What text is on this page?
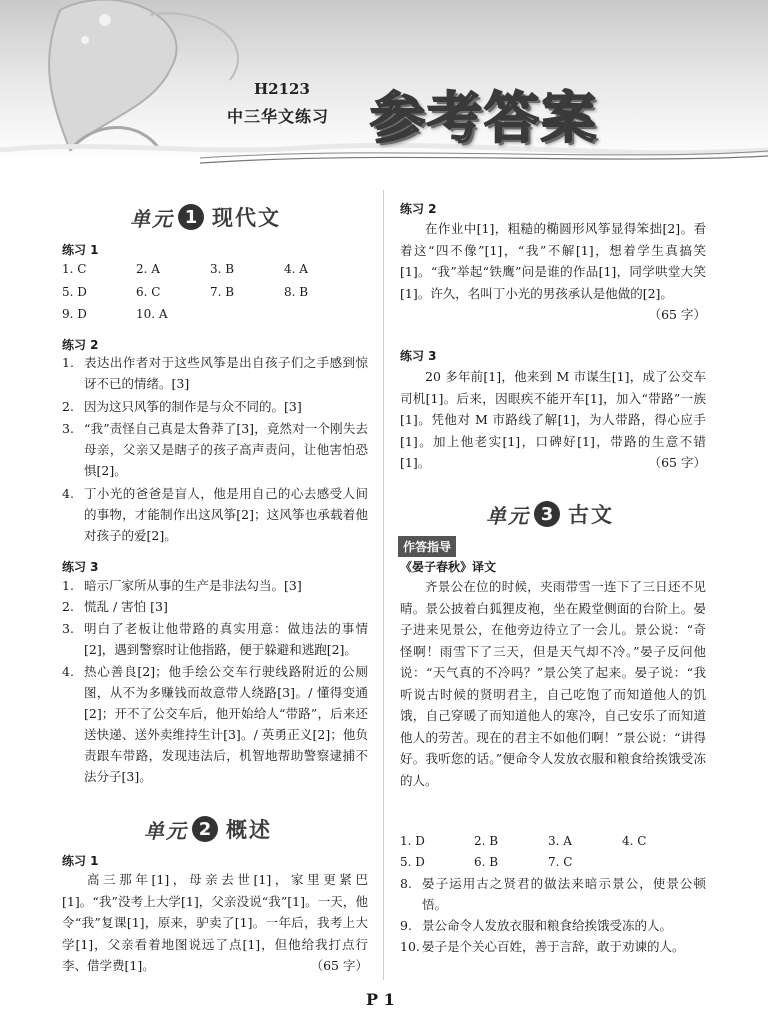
H2123
中三华文练习 参考答案
单元 1 现代文
练习 1
1. C	2. A	3. B	4. A
5. D	6. C	7. B	8. B
9. D	10. A
练习 2
1. 表达出作者对于这些风筝是出自孩子们之手感到惊讶不已的情绪。[3]
2. 因为这只风筝的制作是与众不同的。[3]
3. “我”责怪自己真是太鲁莽了[3]，竟然对一个刚失去母亲，父亲又是瞎子的孩子高声责问，让他害怕恐惧[2]。
4. 丁小光的爸爸是盲人，他是用自己的心去感受人间的事物，才能制作出这风筝[2]；这风筝也承载着他对孩子的爱[2]。
练习 3
1. 暗示厂家所从事的生产是非法勾当。[3]
2. 慌乱 / 害怕 [3]
3. 明白了老板让他带路的真实用意：做违法的事情[2]，遇到警察时让他指路，便于躲避和逃跑[2]。
4. 热心善良[2]；他手绘公交车行驶线路附近的公厕图，从不为多赚钱而故意带人绕路[3]。/ 懂得变通[2]；开不了公交车后，他开始给人“带路”，后来还送快递、送外卖维持生计[3]。/ 英勇正义[2]；他负责跟车带路，发现违法后，机智地帮助警察逮捕不法分子[3]。
单元 2 概述
练习 1
高三那年[1]，母亲去世[1]，家里更紧巴[1]。“我”没考上大学[1]，父亲没说“我”[1]。一天，他令“我”复课[1]，原来，驴卖了[1]。一年后，我考上大学[1]，父亲看着地图说远了点[1]，但他给我打点行李、借学费[1]。	（65 字）
练习 2
在作业中[1]，粗糙的椭圆形风筝显得笨拙[2]。看着这“四不像”[1]，“我”不解[1]，想着学生真搞笑[1]。“我”举起“铁鹰”问是谁的作品[1]，同学哄堂大笑[1]。许久，名叫丁小光的男孩承认是他做的[2]。
（65 字）
练习 3
20 多年前[1]，他来到 M 市谋生[1]，成了公交车司机[1]。后来，因眼疾不能开车[1]，加入“带路”一族[1]。凭他对 M 市路线了解[1]，为人带路，得心应手[1]。加上他老实[1]，口碑好[1]，带路的生意不错[1]。	（65 字）
单元 3 古文
作答指导
《晏子春秋》译文
齐景公在位的时候，夹雨带雪一连下了三日还不见晴。景公披着白狐狸皮袍，坐在殿堂侧面的台阶上。晏子进来见景公，在他旁边待立了一会儿。景公说：“奇怪啊！雨雪下了三天，但是天气却不冷。”晏子反问他说：“天气真的不冷吗？”景公笑了起来。晏子说：“我听说古时候的贤明君主，自己吃饱了而知道他人的饥饿，自己穿暖了而知道他人的寒冷，自己安乐了而知道他人的劳苦。现在的君主不如他们啊！”景公说：“讲得好。我听您的话。”便命令人发放衣服和粮食给挨饿受冻的人。
1. D	2. B	3. A	4. C
5. D	6. B	7. C
8. 晏子运用古之贤君的做法来暗示景公，使景公顿悟。
9. 景公命令人发放衣服和粮食给挨饿受冻的人。
10. 晏子是个关心百姓，善于言辞，敢于劝谏的人。
P 1
